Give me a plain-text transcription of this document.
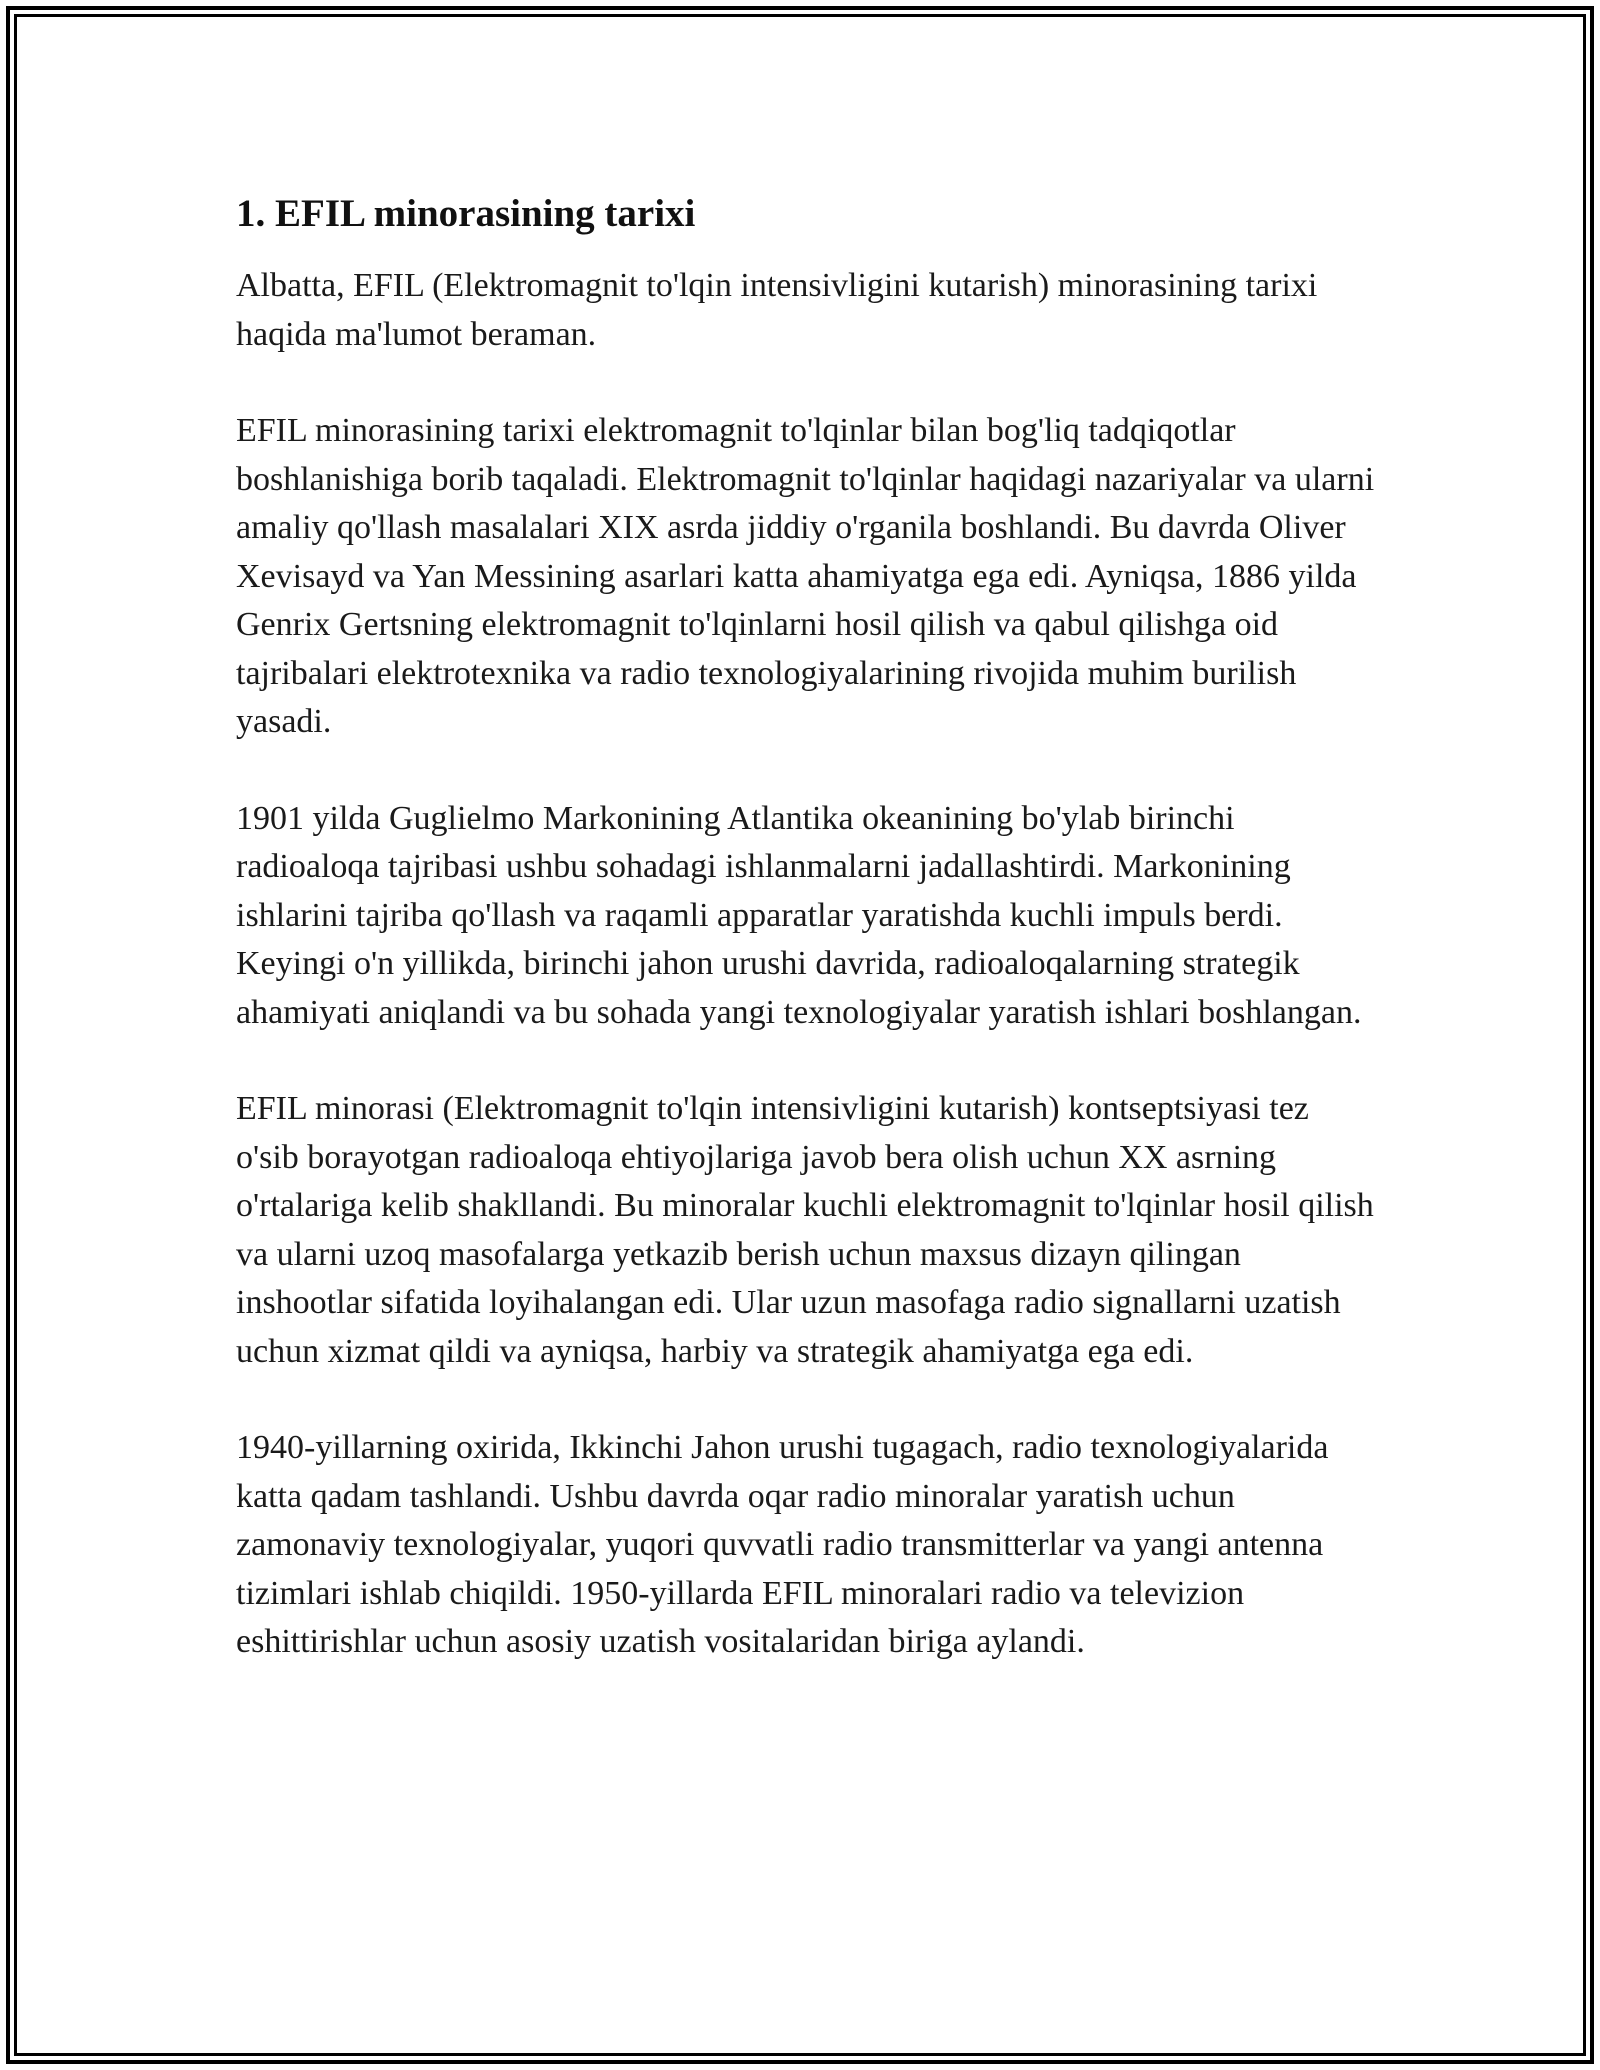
1. EFIL minorasining tarixi

Albatta, EFIL (Elektromagnit to'lqin intensivligini kutarish) minorasining tarixi haqida ma'lumot beraman.

EFIL minorasining tarixi elektromagnit to'lqinlar bilan bog'liq tadqiqotlar boshlanishiga borib taqaladi. Elektromagnit to'lqinlar haqidagi nazariyalar va ularni amaliy qo'llash masalalari XIX asrda jiddiy o'rganila boshlandi. Bu davrda Oliver Xevisayd va Yan Messining asarlari katta ahamiyatga ega edi. Ayniqsa, 1886 yilda Genrix Gertsning elektromagnit to'lqinlarni hosil qilish va qabul qilishga oid tajribalari elektrotexnika va radio texnologiyalarining rivojida muhim burilish yasadi.

1901 yilda Guglielmo Markonining Atlantika okeanining bo'ylab birinchi radioaloqa tajribasi ushbu sohadagi ishlanmalarni jadallashtirdi. Markonining ishlarini tajriba qo'llash va raqamli apparatlar yaratishda kuchli impuls berdi. Keyingi o'n yillikda, birinchi jahon urushi davrida, radioaloqalarning strategik ahamiyati aniqlandi va bu sohada yangi texnologiyalar yaratish ishlari boshlangan.

EFIL minorasi (Elektromagnit to'lqin intensivligini kutarish) kontseptsiyasi tez o'sib borayotgan radioaloqa ehtiyojlariga javob bera olish uchun XX asrning o'rtalariga kelib shakllandi. Bu minoralar kuchli elektromagnit to'lqinlar hosil qilish va ularni uzoq masofalarga yetkazib berish uchun maxsus dizayn qilingan inshootlar sifatida loyihalangan edi. Ular uzun masofaga radio signallarni uzatish uchun xizmat qildi va ayniqsa, harbiy va strategik ahamiyatga ega edi.

1940-yillarning oxirida, Ikkinchi Jahon urushi tugagach, radio texnologiyalarida katta qadam tashlandi. Ushbu davrda oqar radio minoralar yaratish uchun zamonaviy texnologiyalar, yuqori quvvatli radio transmitterlar va yangi antenna tizimlari ishlab chiqildi. 1950-yillarda EFIL minoralari radio va televizion eshittirishlar uchun asosiy uzatish vositalaridan biriga aylandi.
